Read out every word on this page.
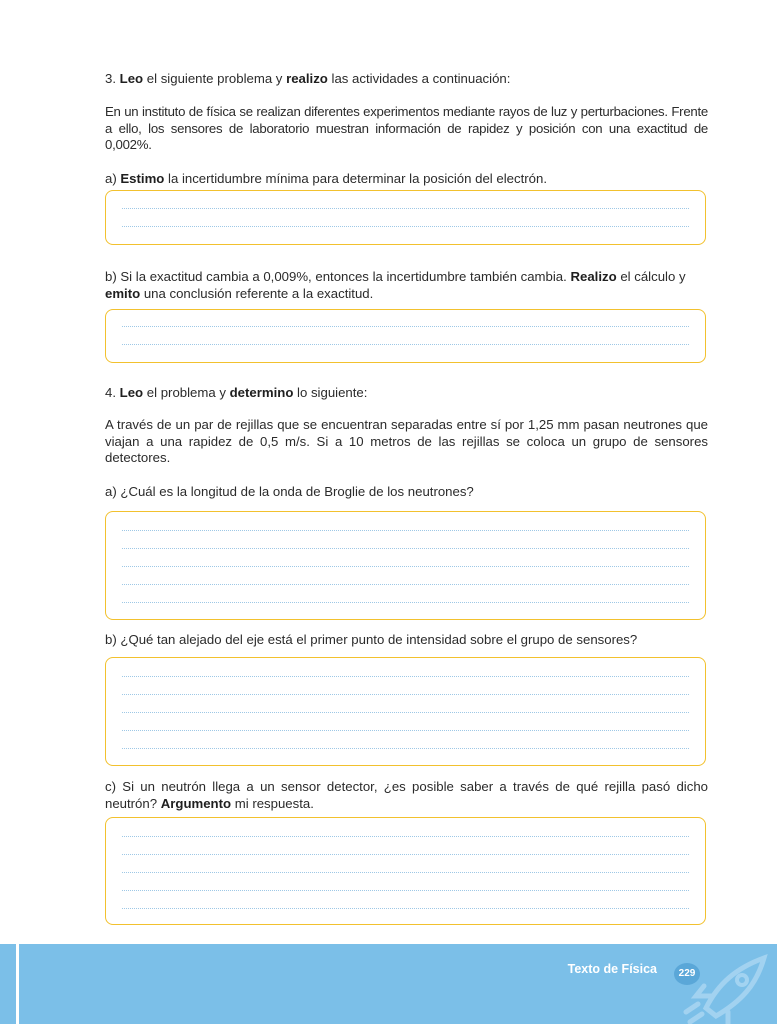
3. Leo el siguiente problema y realizo las actividades a continuación:

En un instituto de física se realizan diferentes experimentos mediante rayos de luz y perturbaciones. Frente a ello, los sensores de laboratorio muestran información de rapidez y posición con una exactitud de 0,002%.

a) Estimo la incertidumbre mínima para determinar la posición del electrón.

b) Si la exactitud cambia a 0,009%, entonces la incertidumbre también cambia. Realizo el cálculo y emito una conclusión referente a la exactitud.

4. Leo el problema y determino lo siguiente:

A través de un par de rejillas que se encuentran separadas entre sí por 1,25 mm pasan neutrones que viajan a una rapidez de 0,5 m/s. Si a 10 metros de las rejillas se coloca un grupo de sensores detectores.

a) ¿Cuál es la longitud de la onda de Broglie de los neutrones?

b) ¿Qué tan alejado del eje está el primer punto de intensidad sobre el grupo de sensores?

c) Si un neutrón llega a un sensor detector, ¿es posible saber a través de qué rejilla pasó dicho neutrón? Argumento mi respuesta.

Texto de Física	229
